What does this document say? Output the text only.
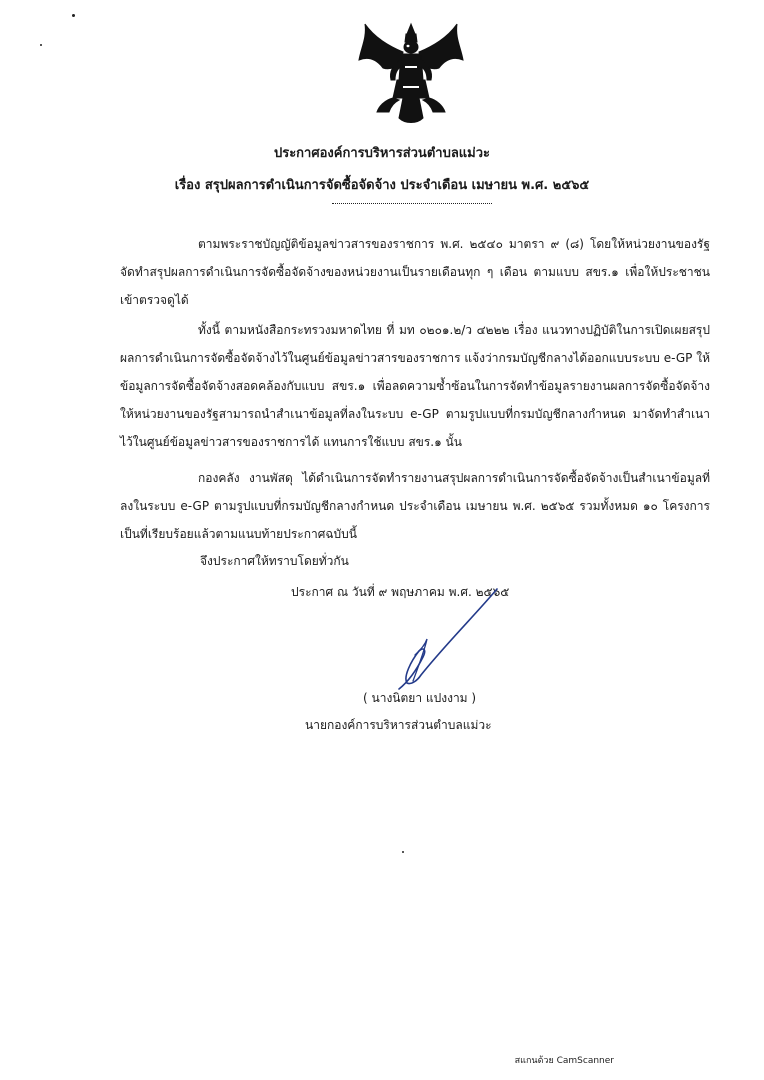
ประกาศองค์การบริหารส่วนตำบลแม่วะ
เรื่อง สรุปผลการดำเนินการจัดซื้อจัดจ้าง ประจำเดือน เมษายน พ.ศ. ๒๕๖๕

ตามพระราชบัญญัติข้อมูลข่าวสารของราชการ พ.ศ. ๒๕๔๐ มาตรา ๙ (๘) โดยให้หน่วยงานของรัฐจัดทำสรุปผลการดำเนินการจัดซื้อจัดจ้างของหน่วยงานเป็นรายเดือนทุก ๆ เดือน ตามแบบ สขร.๑ เพื่อให้ประชาชนเข้าตรวจดูได้

ทั้งนี้ ตามหนังสือกระทรวงมหาดไทย ที่ มท ๐๒๐๑.๒/ว ๔๒๒๒ เรื่อง แนวทางปฏิบัติในการเปิดเผยสรุปผลการดำเนินการจัดซื้อจัดจ้างไว้ในศูนย์ข้อมูลข่าวสารของราชการ แจ้งว่ากรมบัญชีกลางได้ออกแบบระบบ e-GP ให้ข้อมูลการจัดซื้อจัดจ้างสอดคล้องกับแบบ สขร.๑ เพื่อลดความซ้ำซ้อนในการจัดทำข้อมูลรายงานผลการจัดซื้อจัดจ้าง ให้หน่วยงานของรัฐสามารถนำสำเนาข้อมูลที่ลงในระบบ e-GP ตามรูปแบบที่กรมบัญชีกลางกำหนด มาจัดทำสำเนาไว้ในศูนย์ข้อมูลข่าวสารของราชการได้ แทนการใช้แบบ สขร.๑ นั้น

กองคลัง งานพัสดุ ได้ดำเนินการจัดทำรายงานสรุปผลการดำเนินการจัดซื้อจัดจ้างเป็นสำเนาข้อมูลที่ลงในระบบ e-GP ตามรูปแบบที่กรมบัญชีกลางกำหนด ประจำเดือน เมษายน พ.ศ. ๒๕๖๕ รวมทั้งหมด ๑๐ โครงการ เป็นที่เรียบร้อยแล้วตามแนบท้ายประกาศฉบับนี้

จึงประกาศให้ทราบโดยทั่วกัน
ประกาศ ณ วันที่ ๙ พฤษภาคม พ.ศ. ๒๕๖๕
( นางนิตยา แปงงาม )
นายกองค์การบริหารส่วนตำบลแม่วะ
สแกนด้วย CamScanner
